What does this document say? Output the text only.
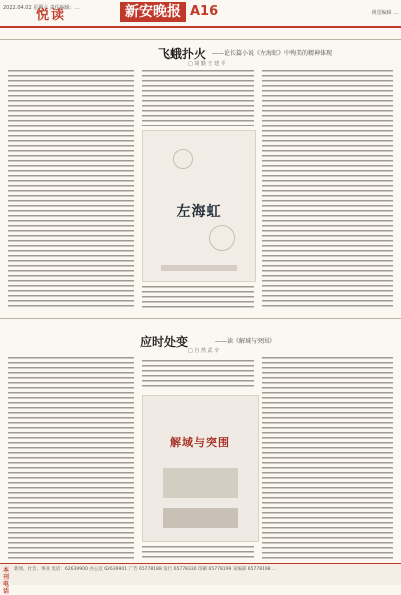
2022.04.02 星期六 责任编辑：...
悦读	新安晚报 A16	视觉编辑 ...
飞蛾扑火 ——论长篇小说《左海虹》中殉美的精神体现
□ 胡 勤 王 建 平
左海虹
应时处变	——读《解域与突围》
□ 自 然 武 辛
解域与突围
本刊电话
新闻、社会、事业 电话：62639900 办公室 62639901 广告 65778188 发行 65778330 印刷 65778199 采编部 65778198 ...
